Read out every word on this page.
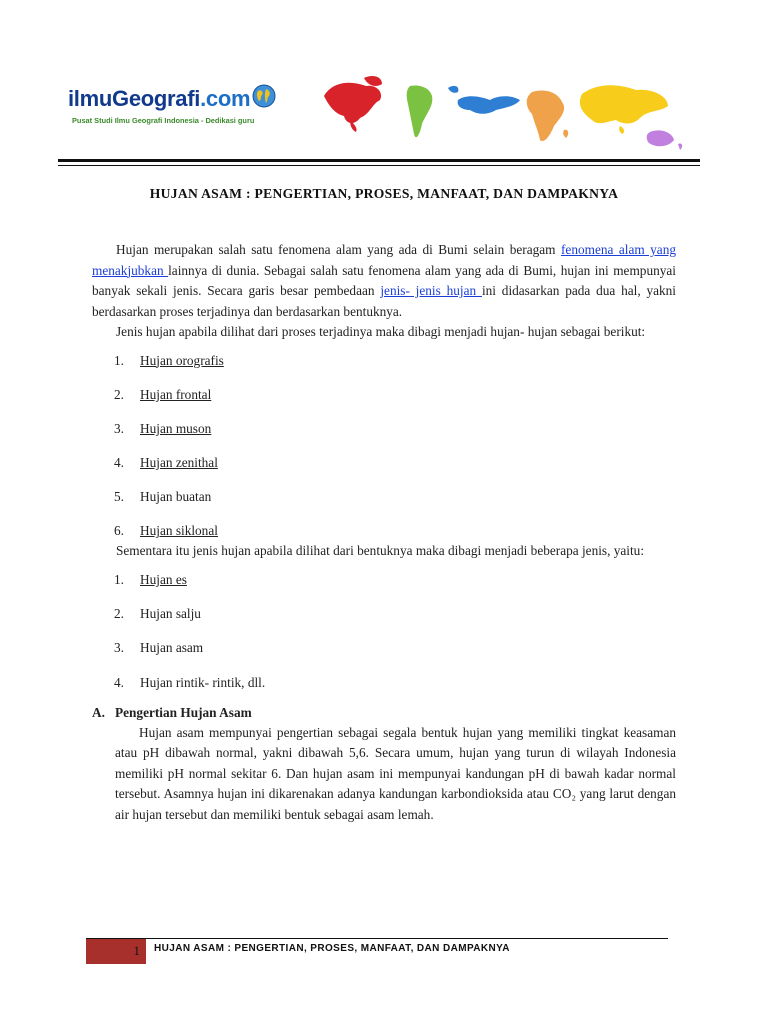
ilmuGeografi .com
Pusat Studi Ilmu Geografi Indonesia - Dedikasi guru
HUJAN ASAM : PENGERTIAN, PROSES, MANFAAT, DAN DAMPAKNYA

Hujan merupakan salah satu fenomena alam yang ada di Bumi selain beragam fenomena alam yang menakjubkan lainnya di dunia. Sebagai salah satu fenomena alam yang ada di Bumi, hujan ini mempunyai banyak sekali jenis. Secara garis besar pembedaan jenis- jenis hujan ini didasarkan pada dua hal, yakni berdasarkan proses terjadinya dan berdasarkan bentuknya.

Jenis hujan apabila dilihat dari proses terjadinya maka dibagi menjadi hujan- hujan sebagai berikut:

1.	Hujan orografis
2.	Hujan frontal
3.	Hujan muson
4.	Hujan zenithal
5.	Hujan buatan
6.	Hujan siklonal

Sementara itu jenis hujan apabila dilihat dari bentuknya maka dibagi menjadi beberapa jenis, yaitu:

1.	Hujan es
2.	Hujan salju
3.	Hujan asam
4.	Hujan rintik- rintik, dll.
A. Pengertian Hujan Asam

Hujan asam mempunyai pengertian sebagai segala bentuk hujan yang memiliki tingkat keasaman atau pH dibawah normal, yakni dibawah 5,6. Secara umum, hujan yang turun di wilayah Indonesia memiliki pH normal sekitar 6. Dan hujan asam ini mempunyai kandungan pH di bawah kadar normal tersebut. Asamnya hujan ini dikarenakan adanya kandungan karbondioksida atau CO₂ yang larut dengan air hujan tersebut dan memiliki bentuk sebagai asam lemah.

1	HUJAN ASAM : PENGERTIAN, PROSES, MANFAAT, DAN DAMPAKNYA
